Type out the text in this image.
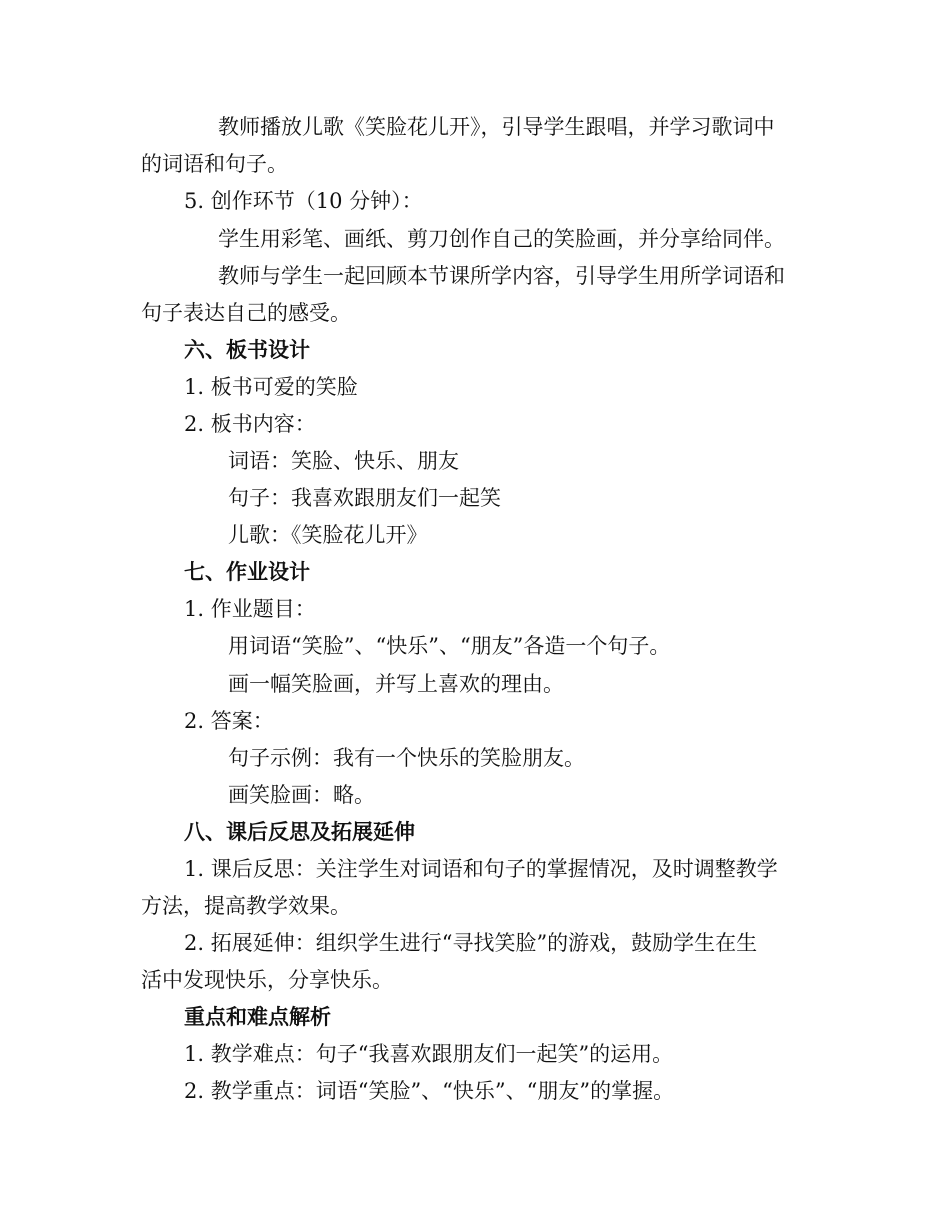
教师播放儿歌《笑脸花儿开》，引导学生跟唱，并学习歌词中
的词语和句子。
5. 创作环节（10 分钟）：
学生用彩笔、画纸、剪刀创作自己的笑脸画，并分享给同伴。
教师与学生一起回顾本节课所学内容，引导学生用所学词语和
句子表达自己的感受。
六、板书设计
1. 板书可爱的笑脸
2. 板书内容：
词语：笑脸、快乐、朋友
句子：我喜欢跟朋友们一起笑
儿歌：《笑脸花儿开》
七、作业设计
1. 作业题目：
用词语“笑脸”、“快乐”、“朋友”各造一个句子。
画一幅笑脸画，并写上喜欢的理由。
2. 答案：
句子示例：我有一个快乐的笑脸朋友。
画笑脸画：略。
八、课后反思及拓展延伸
1. 课后反思：关注学生对词语和句子的掌握情况，及时调整教学
方法，提高教学效果。
2. 拓展延伸：组织学生进行“寻找笑脸”的游戏，鼓励学生在生
活中发现快乐，分享快乐。
重点和难点解析
1. 教学难点：句子“我喜欢跟朋友们一起笑”的运用。
2. 教学重点：词语“笑脸”、“快乐”、“朋友”的掌握。
